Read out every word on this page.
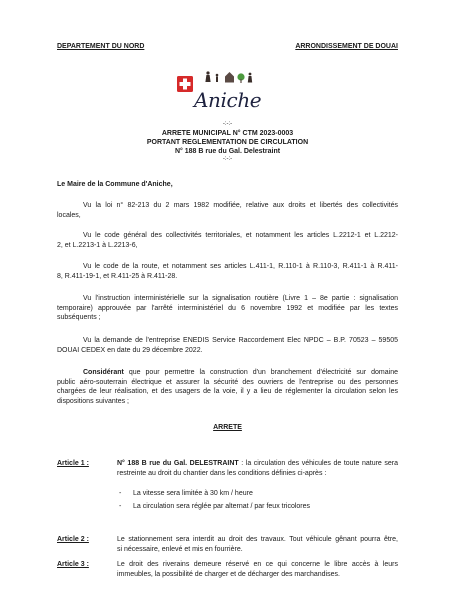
DEPARTEMENT DU NORD	ARRONDISSEMENT DE DOUAI
Aniche
-:-:-
ARRETE MUNICIPAL N° CTM 2023-0003
PORTANT REGLEMENTATION DE CIRCULATION
N° 188 B rue du Gal. Delestraint
-:-:-
Le Maire de la Commune d'Aniche,
Vu la loi n° 82-213 du 2 mars 1982 modifiée, relative aux droits et libertés des collectivités
locales,
Vu le code général des collectivités territoriales, et notamment les articles L.2212-1 et L.2212-
2, et L.2213-1 à L.2213-6,
Vu le code de la route, et notamment ses articles L.411-1, R.110-1 à R.110-3, R.411-1 à R.411-
8, R.411-19-1, et R.411-25 à R.411-28.
Vu l'instruction interministérielle sur la signalisation routière (Livre 1 – 8e partie : signalisation
temporaire) approuvée par l'arrêté interministériel du 6 novembre 1992 et modifiée par les textes
subséquents ;
Vu la demande de l'entreprise ENEDIS Service Raccordement Elec NPDC – B.P. 70523 – 59505
DOUAI CEDEX en date du 29 décembre 2022.
Considérant que pour permettre la construction d'un branchement d'électricité sur domaine
public aéro-souterrain électrique et assurer la sécurité des ouvriers de l'entreprise ou des personnes
chargées de leur réalisation, et des usagers de la voie, il y a lieu de réglementer la circulation selon les
dispositions suivantes ;
ARRETE
Article 1 :	N° 188 B rue du Gal. DELESTRAINT : la circulation des véhicules de toute nature sera
restreinte au droit du chantier dans les conditions définies ci-après :
- La vitesse sera limitée à 30 km / heure
- La circulation sera réglée par alternat / par feux tricolores
Article 2 :	Le stationnement sera interdit au droit des travaux. Tout véhicule gênant pourra être,
si nécessaire, enlevé et mis en fourrière.
Article 3 :	Le droit des riverains demeure réservé en ce qui concerne le libre accès à leurs
immeubles, la possibilité de charger et de décharger des marchandises.
